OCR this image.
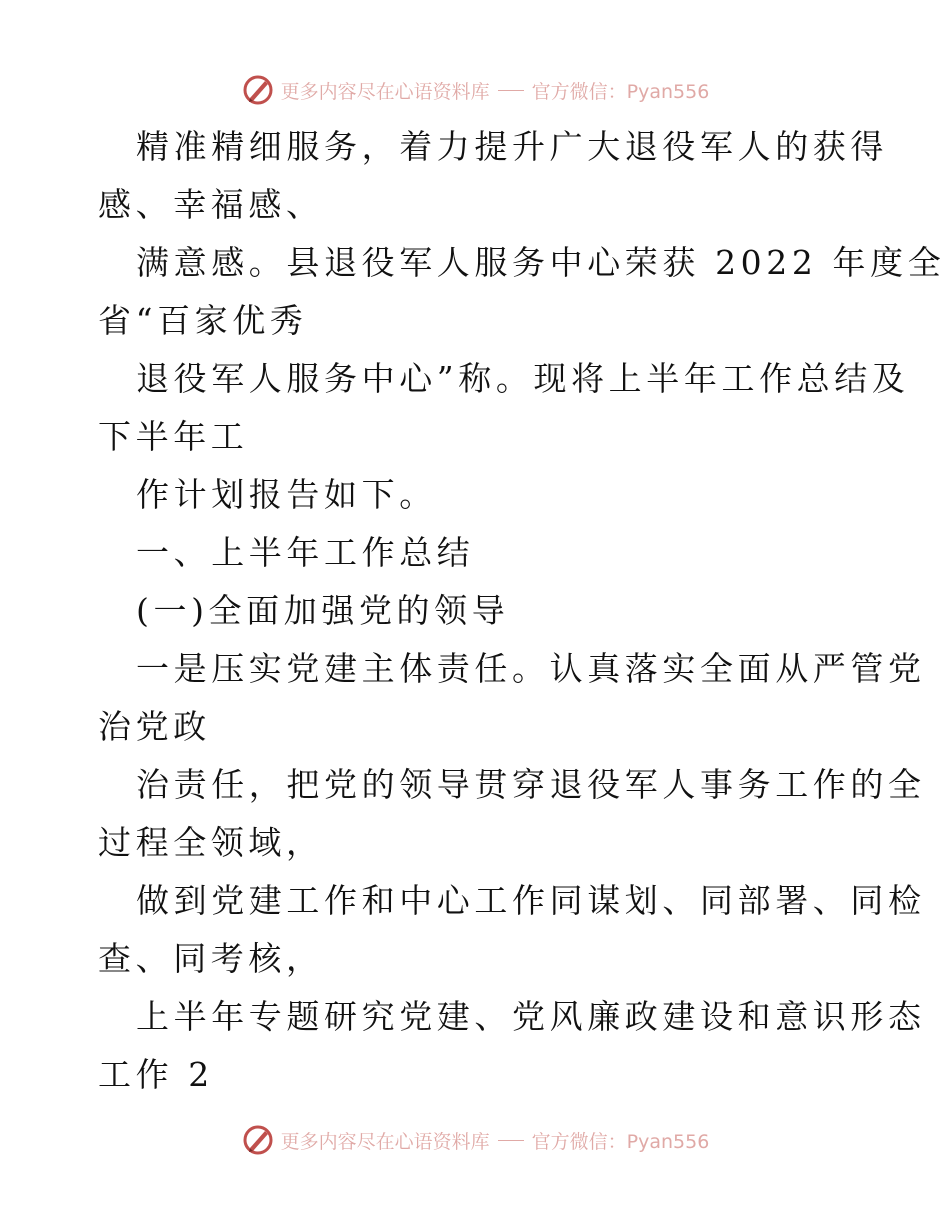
更多内容尽在心语资料库 官方微信：Pyan556

精准精细服务，着力提升广大退役军人的获得

感、幸福感、

满意感。县退役军人服务中心荣获 2022 年度全

省“百家优秀

退役军人服务中心”称。现将上半年工作总结及

下半年工

作计划报告如下。

一、上半年工作总结

(一)全面加强党的领导

一是压实党建主体责任。认真落实全面从严管党

治党政

治责任，把党的领导贯穿退役军人事务工作的全

过程全领域，

做到党建工作和中心工作同谋划、同部署、同检

查、同考核，

上半年专题研究党建、党风廉政建设和意识形态

工作 2

更多内容尽在心语资料库 官方微信：Pyan556
